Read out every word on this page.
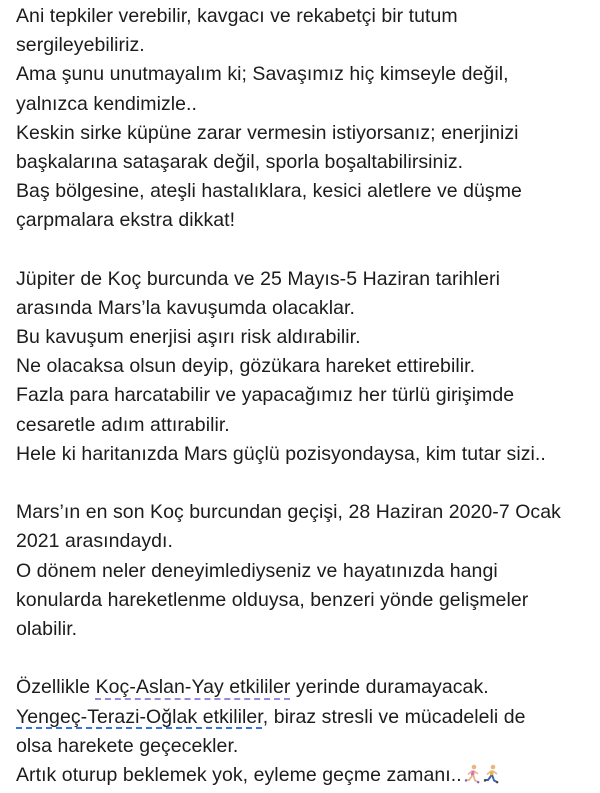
Ani tepkiler verebilir, kavgacı ve rekabetçi bir tutum
sergileyebiliriz.
Ama şunu unutmayalım ki; Savaşımız hiç kimseyle değil,
yalnızca kendimizle..
Keskin sirke küpüne zarar vermesin istiyorsanız; enerjinizi
başkalarına sataşarak değil, sporla boşaltabilirsiniz.
Baş bölgesine, ateşli hastalıklara, kesici aletlere ve düşme
çarpmalara ekstra dikkat!
Jüpiter de Koç burcunda ve 25 Mayıs-5 Haziran tarihleri
arasında Mars’la kavuşumda olacaklar.
Bu kavuşum enerjisi aşırı risk aldırabilir.
Ne olacaksa olsun deyip, gözükara hareket ettirebilir.
Fazla para harcatabilir ve yapacağımız her türlü girişimde
cesaretle adım attırabilir.
Hele ki haritanızda Mars güçlü pozisyondaysa, kim tutar sizi..
Mars’ın en son Koç burcundan geçişi, 28 Haziran 2020-7 Ocak
2021 arasındaydı.
O dönem neler deneyimlediyseniz ve hayatınızda hangi
konularda hareketlenme olduysa, benzeri yönde gelişmeler
olabilir.
Özellikle Koç-Aslan-Yay etkililer yerinde duramayacak.
Yengeç-Terazi-Oğlak etkililer, biraz stresli ve mücadeleli de
olsa harekete geçecekler.
Artık oturup beklemek yok, eyleme geçme zamanı..
